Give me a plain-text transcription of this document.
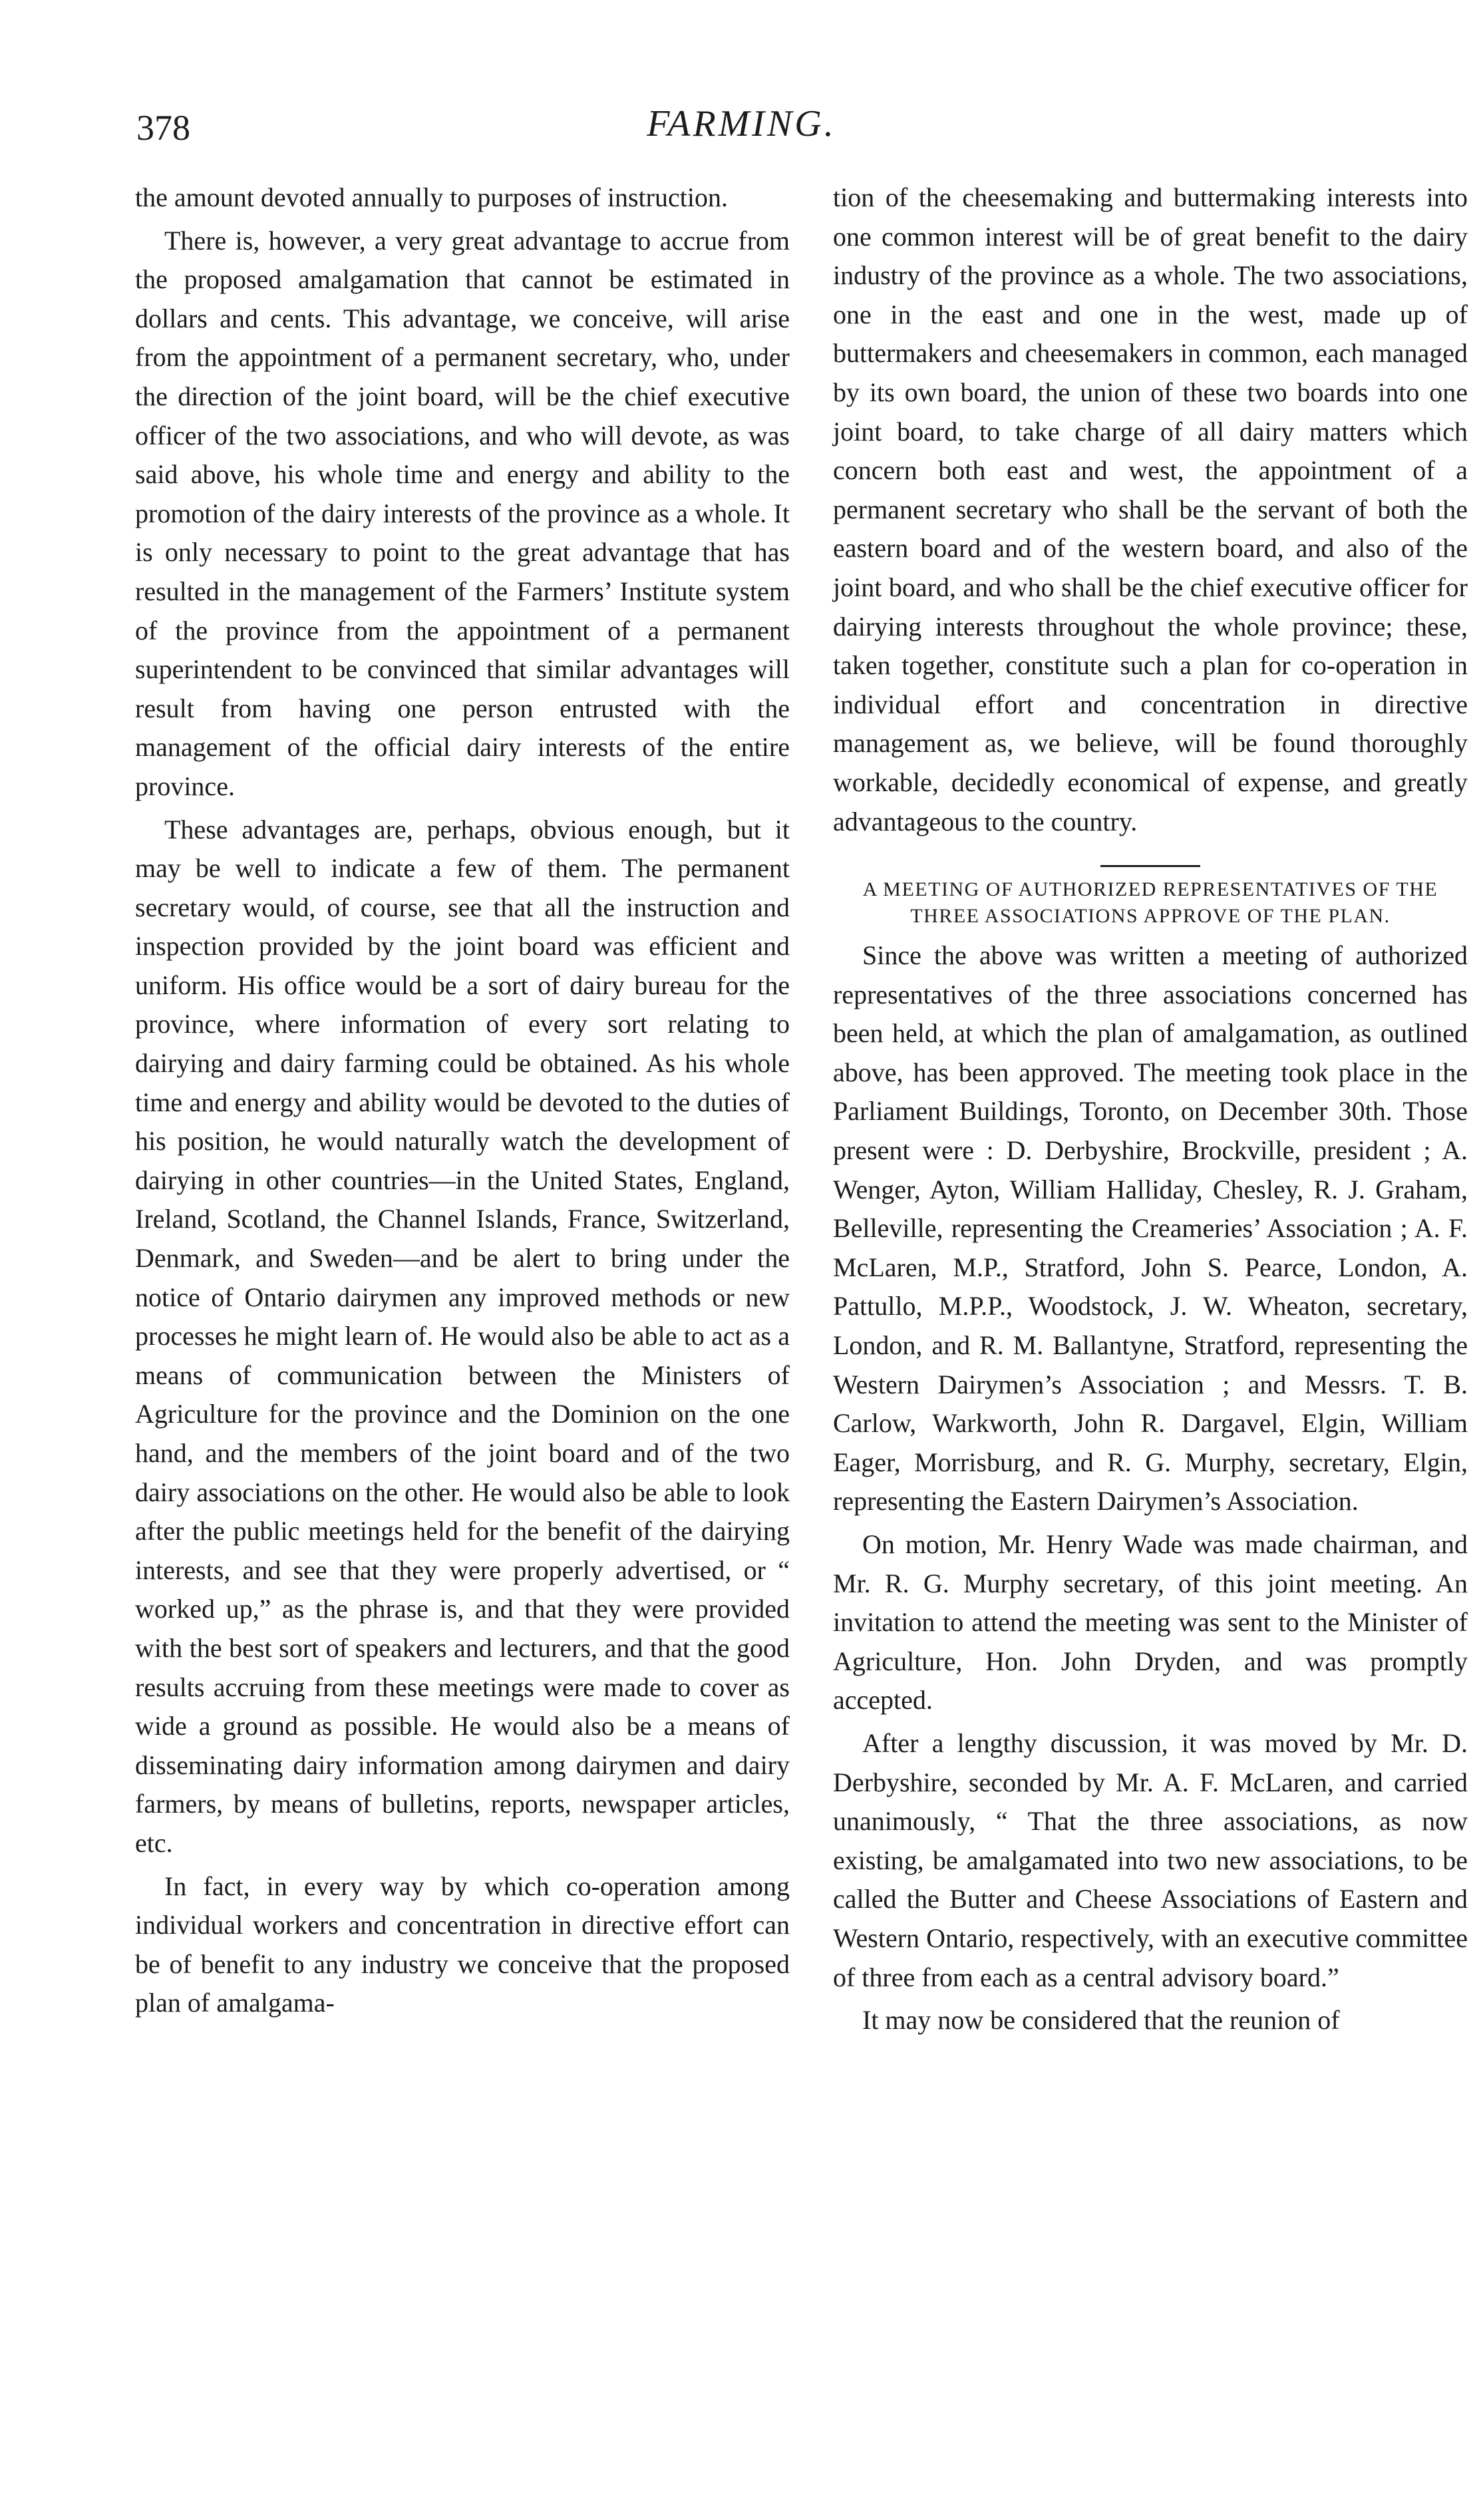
378	FARMING.

the amount devoted annually to purposes of instruction.

There is, however, a very great advantage to accrue from the proposed amalgamation that cannot be estimated in dollars and cents. This advantage, we conceive, will arise from the appointment of a permanent secretary, who, under the direction of the joint board, will be the chief executive officer of the two associations, and who will devote, as was said above, his whole time and energy and ability to the promotion of the dairy interests of the province as a whole. It is only necessary to point to the great advantage that has resulted in the management of the Farmers’ Institute system of the province from the appointment of a permanent superintendent to be convinced that similar advantages will result from having one person entrusted with the management of the official dairy interests of the entire province.

These advantages are, perhaps, obvious enough, but it may be well to indicate a few of them. The permanent secretary would, of course, see that all the instruction and inspection provided by the joint board was efficient and uniform. His office would be a sort of dairy bureau for the province, where information of every sort relating to dairying and dairy farming could be obtained. As his whole time and energy and ability would be devoted to the duties of his position, he would naturally watch the development of dairying in other countries—in the United States, England, Ireland, Scotland, the Channel Islands, France, Switzerland, Denmark, and Sweden—and be alert to bring under the notice of Ontario dairymen any improved methods or new processes he might learn of. He would also be able to act as a means of communication between the Ministers of Agriculture for the province and the Dominion on the one hand, and the members of the joint board and of the two dairy associations on the other. He would also be able to look after the public meetings held for the benefit of the dairying interests, and see that they were properly advertised, or “ worked up,” as the phrase is, and that they were provided with the best sort of speakers and lecturers, and that the good results accruing from these meetings were made to cover as wide a ground as possible. He would also be a means of disseminating dairy information among dairymen and dairy farmers, by means of bulletins, reports, newspaper articles, etc.

In fact, in every way by which co-operation among individual workers and concentration in directive effort can be of benefit to any industry we conceive that the proposed plan of amalgama-

tion of the cheesemaking and buttermaking interests into one common interest will be of great benefit to the dairy industry of the province as a whole. The two associations, one in the east and one in the west, made up of buttermakers and cheesemakers in common, each managed by its own board, the union of these two boards into one joint board, to take charge of all dairy matters which concern both east and west, the appointment of a permanent secretary who shall be the servant of both the eastern board and of the western board, and also of the joint board, and who shall be the chief executive officer for dairying interests throughout the whole province; these, taken together, constitute such a plan for co-operation in individual effort and concentration in directive management as, we believe, will be found thoroughly workable, decidedly economical of expense, and greatly advantageous to the country.

A MEETING OF AUTHORIZED REPRESENTATIVES OF THE THREE ASSOCIATIONS APPROVE OF THE PLAN.

Since the above was written a meeting of authorized representatives of the three associations concerned has been held, at which the plan of amalgamation, as outlined above, has been approved. The meeting took place in the Parliament Buildings, Toronto, on December 30th. Those present were : D. Derbyshire, Brockville, president ; A. Wenger, Ayton, William Halliday, Chesley, R. J. Graham, Belleville, representing the Creameries’ Association ; A. F. McLaren, M.P., Stratford, John S. Pearce, London, A. Pattullo, M.P.P., Woodstock, J. W. Wheaton, secretary, London, and R. M. Ballantyne, Stratford, representing the Western Dairymen’s Association ; and Messrs. T. B. Carlow, Warkworth, John R. Dargavel, Elgin, William Eager, Morrisburg, and R. G. Murphy, secretary, Elgin, representing the Eastern Dairymen’s Association.

On motion, Mr. Henry Wade was made chairman, and Mr. R. G. Murphy secretary, of this joint meeting. An invitation to attend the meeting was sent to the Minister of Agriculture, Hon. John Dryden, and was promptly accepted.

After a lengthy discussion, it was moved by Mr. D. Derbyshire, seconded by Mr. A. F. McLaren, and carried unanimously, “ That the three associations, as now existing, be amalgamated into two new associations, to be called the Butter and Cheese Associations of Eastern and Western Ontario, respectively, with an executive committee of three from each as a central advisory board.”

It may now be considered that the reunion of
